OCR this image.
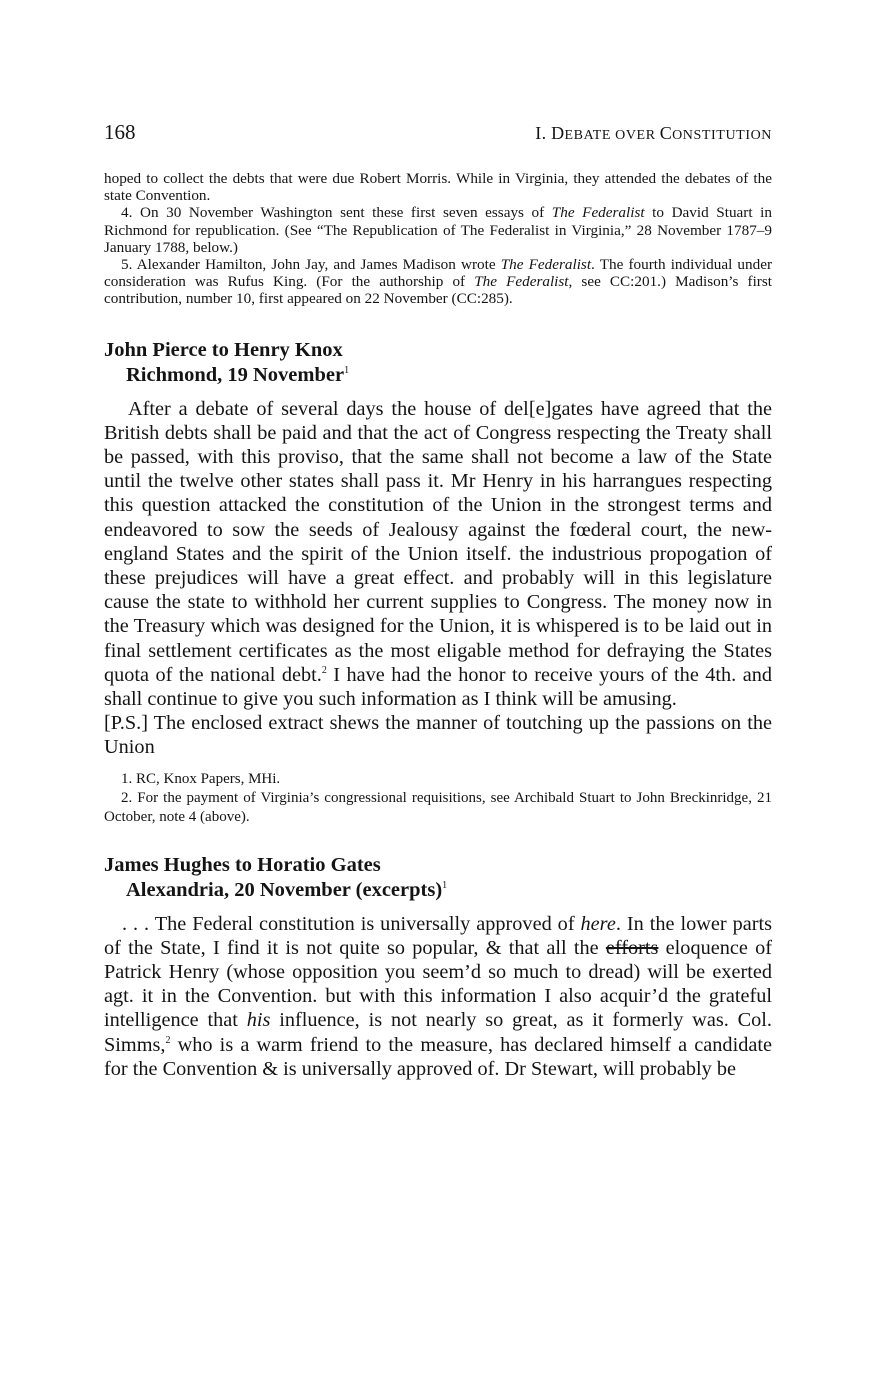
168	I. DEBATE OVER CONSTITUTION

hoped to collect the debts that were due Robert Morris. While in Virginia, they attended the debates of the state Convention.

4. On 30 November Washington sent these first seven essays of The Federalist to David Stuart in Richmond for republication. (See “The Republication of The Federalist in Virginia,” 28 November 1787–9 January 1788, below.)

5. Alexander Hamilton, John Jay, and James Madison wrote The Federalist. The fourth individual under consideration was Rufus King. (For the authorship of The Federalist, see CC:201.) Madison’s first contribution, number 10, first appeared on 22 November (CC:285).

John Pierce to Henry Knox
Richmond, 19 November$^1$

After a debate of several days the house of del[e]gates have agreed that the British debts shall be paid and that the act of Congress respecting the Treaty shall be passed, with this proviso, that the same shall not become a law of the State until the twelve other states shall pass it. Mr Henry in his harrangues respecting this question attacked the constitution of the Union in the strongest terms and endeavored to sow the seeds of Jealousy against the fœderal court, the new-england States and the spirit of the Union itself. the industrious propogation of these prejudices will have a great effect. and probably will in this legislature cause the state to withhold her current supplies to Congress. The money now in the Treasury which was designed for the Union, it is whispered is to be laid out in final settlement certificates as the most eligable method for defraying the States quota of the national debt.$^2$ I have had the honor to receive yours of the 4th. and shall continue to give you such information as I think will be amusing.

[P.S.] The enclosed extract shews the manner of toutching up the passions on the Union

1. RC, Knox Papers, MHi.

2. For the payment of Virginia’s congressional requisitions, see Archibald Stuart to John Breckinridge, 21 October, note 4 (above).

James Hughes to Horatio Gates
Alexandria, 20 November (excerpts)$^1$

. . . The Federal constitution is universally approved of here. In the lower parts of the State, I find it is not quite so popular, & that all the efforts eloquence of Patrick Henry (whose opposition you seem’d so much to dread) will be exerted agt. it in the Convention. but with this information I also acquir’d the grateful intelligence that his influence, is not nearly so great, as it formerly was. Col. Simms,$^2$ who is a warm friend to the measure, has declared himself a candidate for the Convention & is universally approved of. Dr Stewart, will probably be
